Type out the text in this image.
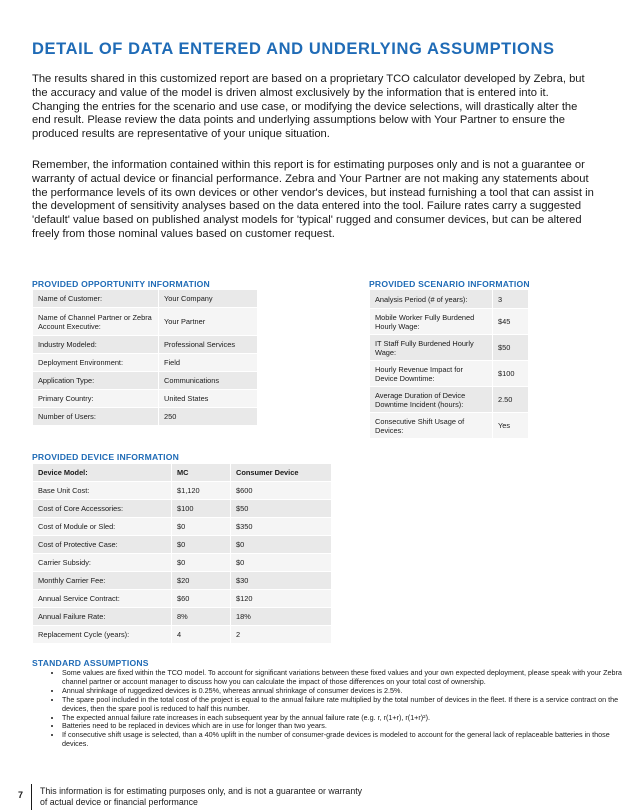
DETAIL OF DATA ENTERED AND UNDERLYING ASSUMPTIONS

The results shared in this customized report are based on a proprietary TCO calculator developed by Zebra, but the accuracy and value of the model is driven almost exclusively by the information that is entered into it. Changing the entries for the scenario and use case, or modifying the device selections, will drastically alter the end result. Please review the data points and underlying assumptions below with Your Partner to ensure the produced results are representative of your unique situation.

Remember, the information contained within this report is for estimating purposes only and is not a guarantee or warranty of actual device or financial performance. Zebra and Your Partner are not making any statements about the performance levels of its own devices or other vendor's devices, but instead furnishing a tool that can assist in the development of sensitivity analyses based on the data entered into the tool. Failure rates carry a suggested 'default' value based on published analyst models for 'typical' rugged and consumer devices, but can be altered freely from those nominal values based on customer request.

PROVIDED OPPORTUNITY INFORMATION
Name of Customer:	Your Company
Name of Channel Partner or Zebra Account Executive:	Your Partner
Industry Modeled:	Professional Services
Deployment Environment:	Field
Application Type:	Communications
Primary Country:	United States
Number of Users:	250
PROVIDED SCENARIO INFORMATION
Analysis Period (# of years):	3
Mobile Worker Fully Burdened Hourly Wage:	$45
IT Staff Fully Burdened Hourly Wage:	$50
Hourly Revenue Impact for Device Downtime:	$100
Average Duration of Device Downtime Incident (hours):	2.50
Consecutive Shift Usage of Devices:	Yes
PROVIDED DEVICE INFORMATION
Device Model:	MC	Consumer Device
Base Unit Cost:	$1,120	$600
Cost of Core Accessories:	$100	$50
Cost of Module or Sled:	$0	$350
Cost of Protective Case:	$0	$0
Carrier Subsidy:	$0	$0
Monthly Carrier Fee:	$20	$30
Annual Service Contract:	$60	$120
Annual Failure Rate:	8%	18%
Replacement Cycle (years):	4	2
STANDARD ASSUMPTIONS
• Some values are fixed within the TCO model. To account for significant variations between these fixed values and your own expected deployment, please speak with your Zebra channel partner or account manager to discuss how you can calculate the impact of those differences on your total cost of ownership.
• Annual shrinkage of ruggedized devices is 0.25%, whereas annual shrinkage of consumer devices is 2.5%.
• The spare pool included in the total cost of the project is equal to the annual failure rate multiplied by the total number of devices in the fleet. If there is a service contract on the devices, then the spare pool is reduced to half this number.
• The expected annual failure rate increases in each subsequent year by the annual failure rate (e.g. r, r(1+r), r(1+r)²).
• Batteries need to be replaced in devices which are in use for longer than two years.
• If consecutive shift usage is selected, than a 40% uplift in the number of consumer-grade devices is modeled to account for the general lack of replaceable batteries in those devices.
7 This information is for estimating purposes only, and is not a guarantee or warranty of actual device or financial performance
